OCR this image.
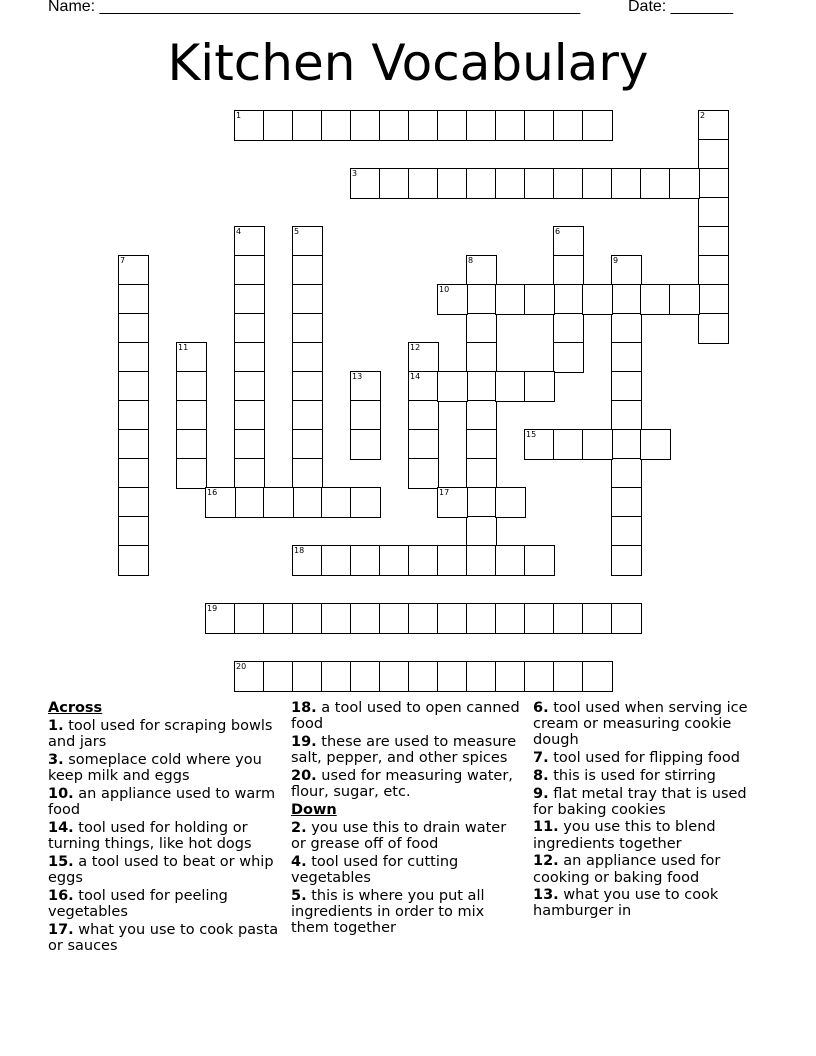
Name: ______________________________________________________	Date: _______
Kitchen Vocabulary
1	2
3
4	5	6
7	8	9
10
11	12
14
13
15
16	17
18
19
20
Across
1. tool used for scraping bowls and jars
3. someplace cold where you keep milk and eggs
10. an appliance used to warm food
14. tool used for holding or turning things, like hot dogs
15. a tool used to beat or whip eggs
16. tool used for peeling vegetables
17. what you use to cook pasta or sauces
18. a tool used to open canned food
19. these are used to measure salt, pepper, and other spices
20. used for measuring water, flour, sugar, etc.
Down
2. you use this to drain water or grease off of food
4. tool used for cutting vegetables
5. this is where you put all ingredients in order to mix them together
6. tool used when serving ice cream or measuring cookie dough
7. tool used for flipping food
8. this is used for stirring
9. flat metal tray that is used for baking cookies
11. you use this to blend ingredients together
12. an appliance used for cooking or baking food
13. what you use to cook hamburger in
